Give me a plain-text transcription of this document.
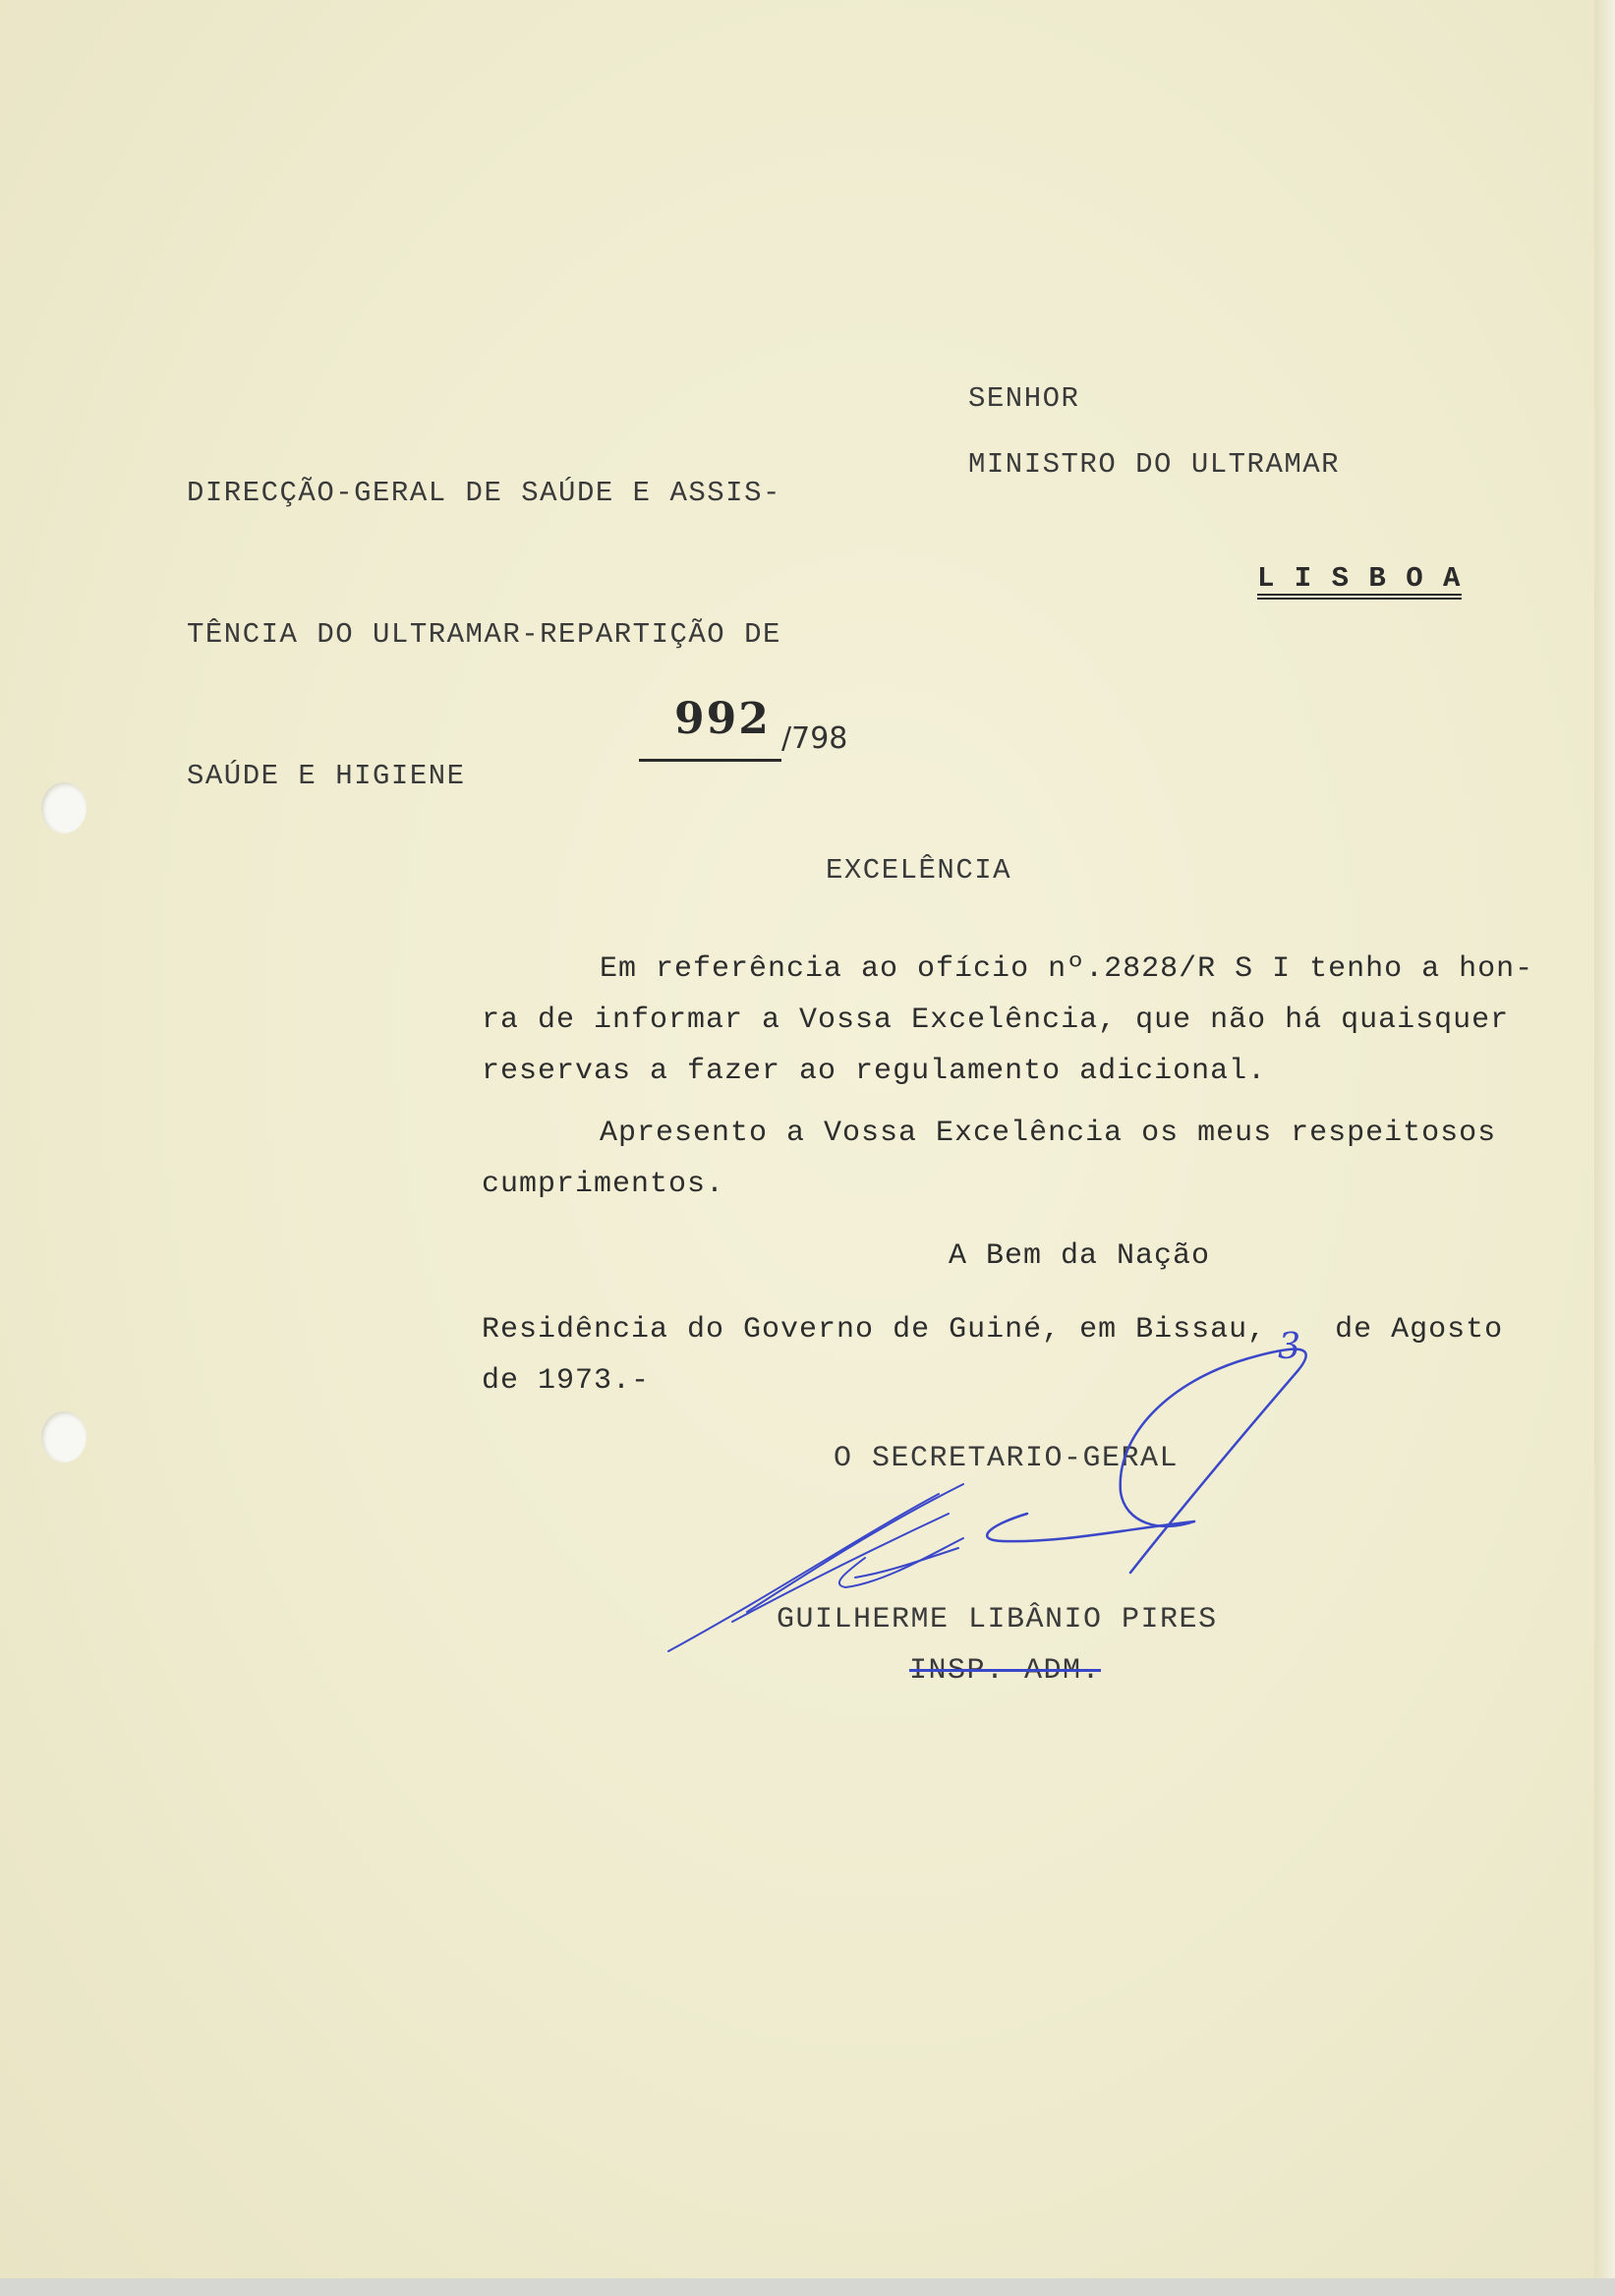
DIRECÇÃO-GERAL DE SAÚDE E ASSIS-

TÊNCIA DO ULTRAMAR-REPARTIÇÃO DE

SAÚDE E HIGIENE

SENHOR
MINISTRO DO ULTRAMAR
L I S B O A
992 /798
EXCELÊNCIA
Em referência ao ofício nº.2828/R S I tenho a hon-
ra de informar a Vossa Excelência, que não há quaisquer
reservas a fazer ao regulamento adicional.
Apresento a Vossa Excelência os meus respeitosos
cumprimentos.
A Bem da Nação
Residência do Governo de Guiné, em Bissau, 3 de Agosto
de 1973.-
O SECRETARIO-GERAL
GUILHERME LIBÂNIO PIRES
INSP. ADM.
